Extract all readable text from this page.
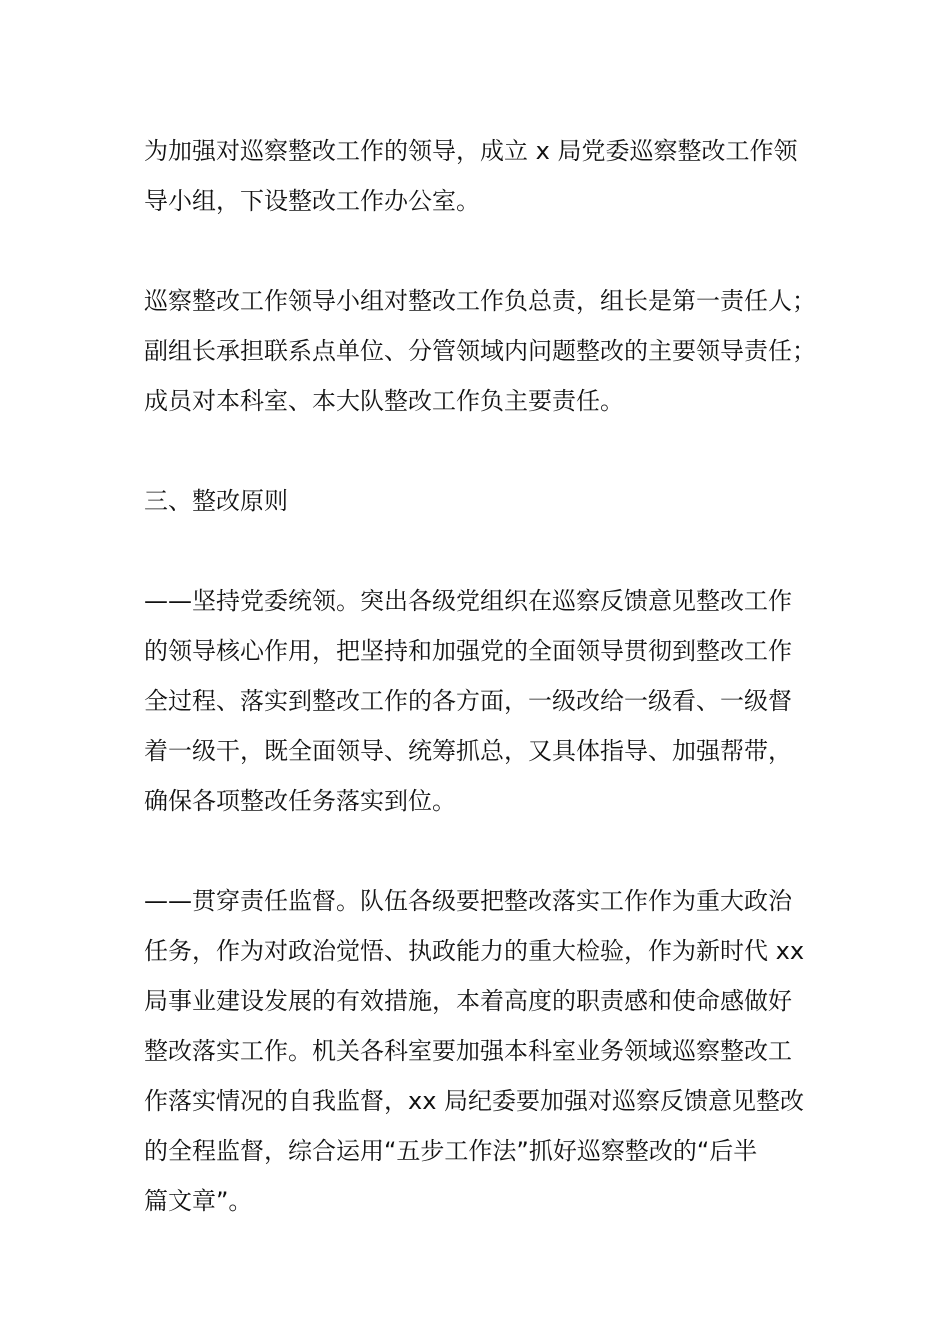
为加强对巡察整改工作的领导，成立 x 局党委巡察整改工作领
导小组，下设整改工作办公室。

巡察整改工作领导小组对整改工作负总责，组长是第一责任人；
副组长承担联系点单位、分管领域内问题整改的主要领导责任；
成员对本科室、本大队整改工作负主要责任。

三、整改原则

——坚持党委统领。突出各级党组织在巡察反馈意见整改工作
的领导核心作用，把坚持和加强党的全面领导贯彻到整改工作
全过程、落实到整改工作的各方面，一级改给一级看、一级督
着一级干，既全面领导、统筹抓总，又具体指导、加强帮带，
确保各项整改任务落实到位。

——贯穿责任监督。队伍各级要把整改落实工作作为重大政治
任务，作为对政治觉悟、执政能力的重大检验，作为新时代 xx
局事业建设发展的有效措施，本着高度的职责感和使命感做好
整改落实工作。机关各科室要加强本科室业务领域巡察整改工
作落实情况的自我监督，xx 局纪委要加强对巡察反馈意见整改
的全程监督，综合运用“五步工作法”抓好巡察整改的“后半
篇文章”。
